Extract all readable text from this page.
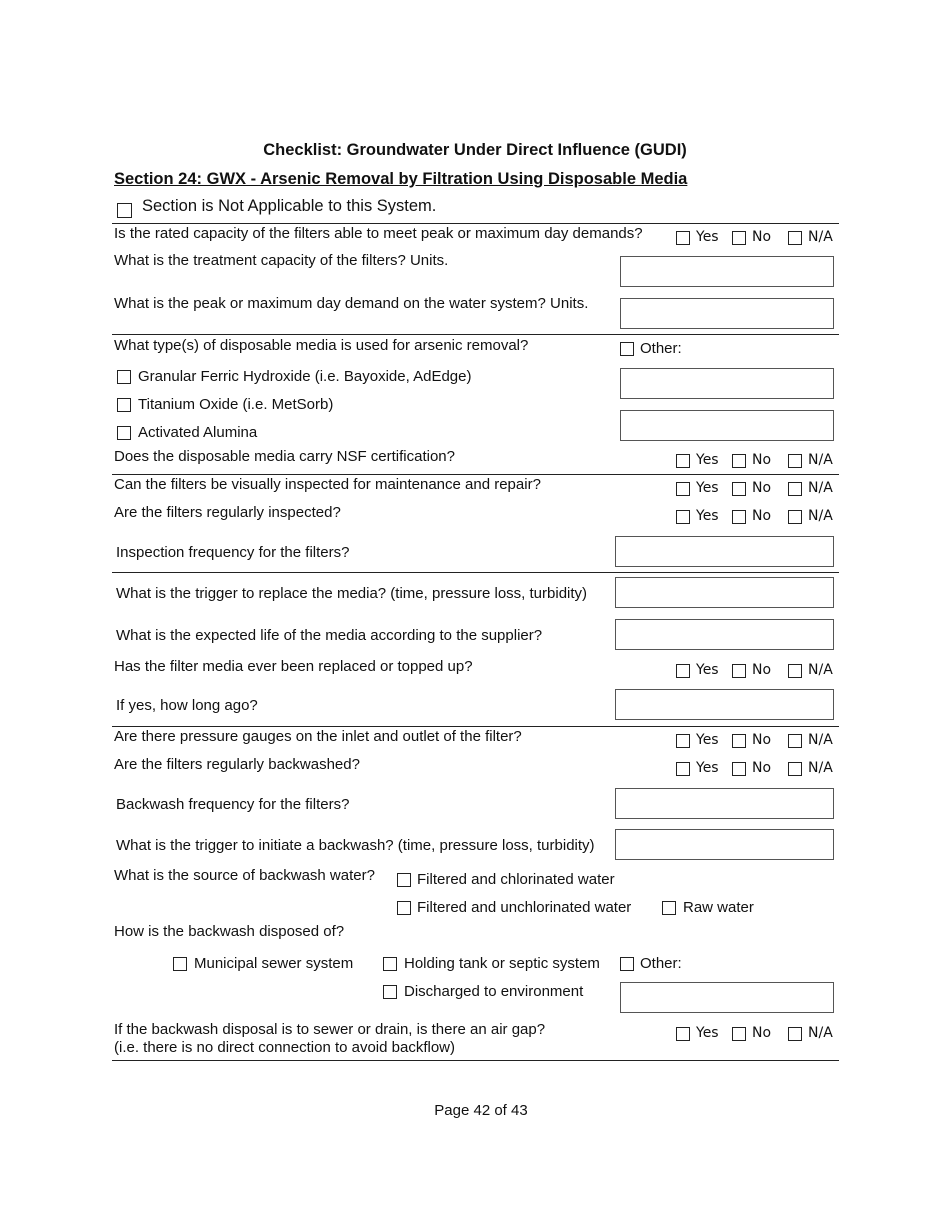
Checklist: Groundwater Under Direct Influence (GUDI)
Section 24: GWX - Arsenic Removal by Filtration Using Disposable Media
Section is Not Applicable to this System.
Is the rated capacity of the filters able to meet peak or maximum day demands?	Yes No	N/A
What is the treatment capacity of the filters? Units.
What is the peak or maximum day demand on the water system? Units.
What type(s) of disposable media is used for arsenic removal?	Other:
Granular Ferric Hydroxide (i.e. Bayoxide, AdEdge)
Titanium Oxide (i.e. MetSorb)
Activated Alumina
Does the disposable media carry NSF certification?	Yes No	N/A
Can the filters be visually inspected for maintenance and repair?	Yes No	N/A
Are the filters regularly inspected?	Yes No	N/A
Inspection frequency for the filters?
What is the trigger to replace the media? (time, pressure loss, turbidity)
What is the expected life of the media according to the supplier?
Has the filter media ever been replaced or topped up?	Yes No	N/A
If yes, how long ago?
Are there pressure gauges on the inlet and outlet of the filter?	Yes No	N/A
Are the filters regularly backwashed?	Yes No	N/A
Backwash frequency for the filters?
What is the trigger to initiate a backwash? (time, pressure loss, turbidity)
What is the source of backwash water?	Filtered and chlorinated water
Filtered and unchlorinated water	Raw water
How is the backwash disposed of?
Municipal sewer system	Holding tank or septic system	Other:
Discharged to environment
If the backwash disposal is to sewer or drain, is there an air gap?
(i.e. there is no direct connection to avoid backflow)
Yes No	N/A
Page 42 of 43
